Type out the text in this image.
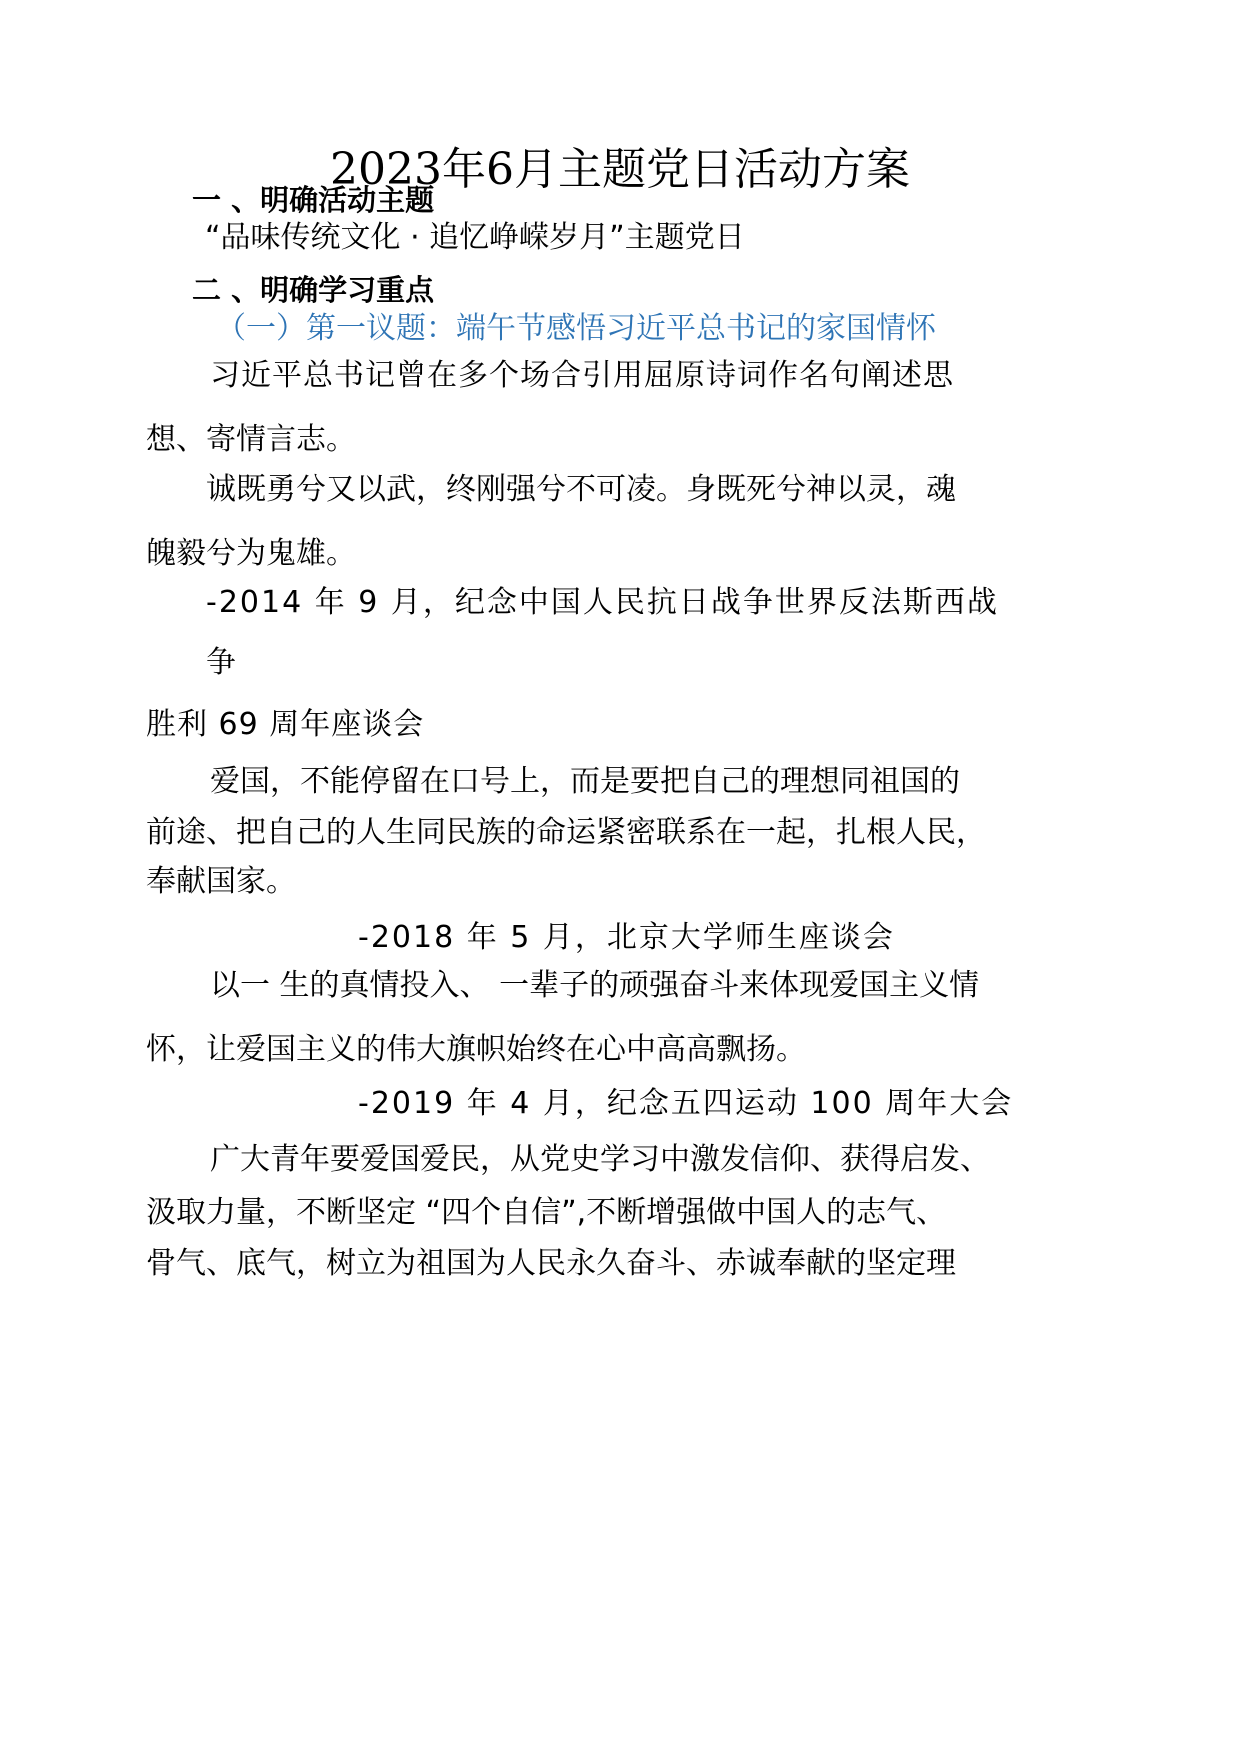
2023年6月主题党日活动方案
一 、明确活动主题
“品味传统文化 · 追忆峥嵘岁月”主题党日
二 、明确学习重点
（一）第一议题：端午节感悟习近平总书记的家国情怀
习近平总书记曾在多个场合引用屈原诗词作名句阐述思
想、寄情言志。
诚既勇兮又以武，终刚强兮不可凌。身既死兮神以灵，魂
魄毅兮为鬼雄。
-2014 年 9 月，纪念中国人民抗日战争世界反法斯西战
争
胜利 69 周年座谈会
爱国，不能停留在口号上，而是要把自己的理想同祖国的
前途、把自己的人生同民族的命运紧密联系在一起，扎根人民，
奉献国家。
-2018 年 5 月，北京大学师生座谈会
以一 生的真情投入、 一辈子的顽强奋斗来体现爱国主义情
怀，让爱国主义的伟大旗帜始终在心中高高飘扬。
-2019 年 4 月，纪念五四运动 100 周年大会
广大青年要爱国爱民，从党史学习中激发信仰、获得启发、
汲取力量，不断坚定 “四个自信”,不断增强做中国人的志气、
骨气、底气，树立为祖国为人民永久奋斗、赤诚奉献的坚定理
